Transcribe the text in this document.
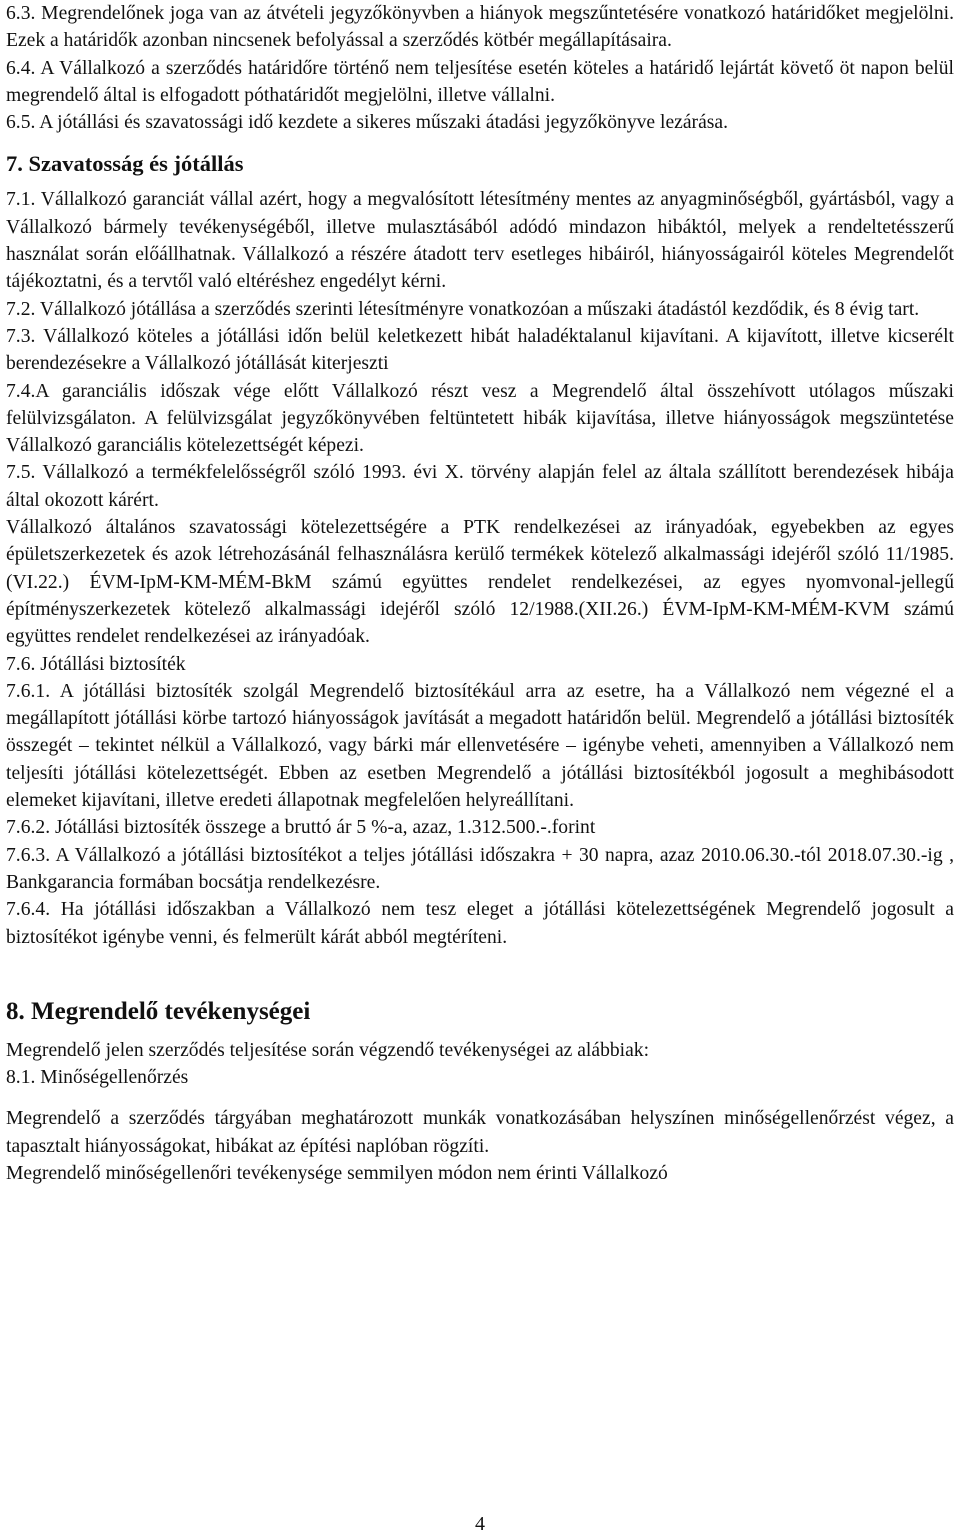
6.3. Megrendelőnek joga van az átvételi jegyzőkönyvben a hiányok megszűntetésére vonatkozó határidőket megjelölni. Ezek a határidők azonban nincsenek befolyással a szerződés kötbér megállapításaira.

6.4. A Vállalkozó a szerződés határidőre történő nem teljesítése esetén köteles a határidő lejártát követő öt napon belül megrendelő által is elfogadott póthatáridőt megjelölni, illetve vállalni.

6.5. A jótállási és szavatossági idő kezdete a sikeres műszaki átadási jegyzőkönyve lezárása.

7. Szavatosság és jótállás

7.1. Vállalkozó garanciát vállal azért, hogy a megvalósított létesítmény mentes az anyagminőségből, gyártásból, vagy a Vállalkozó bármely tevékenységéből, illetve mulasztásából adódó mindazon hibáktól, melyek a rendeltetésszerű használat során előállhatnak. Vállalkozó a részére átadott terv esetleges hibáiról, hiányosságairól köteles Megrendelőt tájékoztatni, és a tervtől való eltéréshez engedélyt kérni.

7.2. Vállalkozó jótállása a szerződés szerinti létesítményre vonatkozóan a műszaki átadástól kezdődik, és 8 évig tart.

7.3. Vállalkozó köteles a jótállási időn belül keletkezett hibát haladéktalanul kijavítani. A kijavított, illetve kicserélt berendezésekre a Vállalkozó jótállását kiterjeszti

7.4.A garanciális időszak vége előtt Vállalkozó részt vesz a Megrendelő által összehívott utólagos műszaki felülvizsgálaton. A felülvizsgálat jegyzőkönyvében feltüntetett hibák kijavítása, illetve hiányosságok megszüntetése Vállalkozó garanciális kötelezettségét képezi.

7.5. Vállalkozó a termékfelelősségről szóló 1993. évi X. törvény alapján felel az általa szállított berendezések hibája által okozott kárért.

Vállalkozó általános szavatossági kötelezettségére a PTK rendelkezései az irányadóak, egyebekben az egyes épületszerkezetek és azok létrehozásánál felhasználásra kerülő termékek kötelező alkalmassági idejéről szóló 11/1985. (VI.22.) ÉVM-IpM-KM-MÉM-BkM számú együttes rendelet rendelkezései, az egyes nyomvonal-jellegű építményszerkezetek kötelező alkalmassági idejéről szóló 12/1988.(XII.26.) ÉVM-IpM-KM-MÉM-KVM számú együttes rendelet rendelkezései az irányadóak.

7.6. Jótállási biztosíték

7.6.1. A jótállási biztosíték szolgál Megrendelő biztosítékául arra az esetre, ha a Vállalkozó nem végezné el a megállapított jótállási körbe tartozó hiányosságok javítását a megadott határidőn belül. Megrendelő a jótállási biztosíték összegét – tekintet nélkül a Vállalkozó, vagy bárki már ellenvetésére – igénybe veheti, amennyiben a Vállalkozó nem teljesíti jótállási kötelezettségét. Ebben az esetben Megrendelő a jótállási biztosítékból jogosult a meghibásodott elemeket kijavítani, illetve eredeti állapotnak megfelelően helyreállítani.

7.6.2. Jótállási biztosíték összege a bruttó ár 5 %-a, azaz, 1.312.500.-.forint

7.6.3. A Vállalkozó a jótállási biztosítékot a teljes jótállási időszakra + 30 napra, azaz 2010.06.30.-tól 2018.07.30.-ig , Bankgarancia formában bocsátja rendelkezésre.

7.6.4. Ha jótállási időszakban a Vállalkozó nem tesz eleget a jótállási kötelezettségének Megrendelő jogosult a biztosítékot igénybe venni, és felmerült kárát abból megtéríteni.

8. Megrendelő tevékenységei

Megrendelő jelen szerződés teljesítése során végzendő tevékenységei az alábbiak:

8.1. Minőségellenőrzés

Megrendelő a szerződés tárgyában meghatározott munkák vonatkozásában helyszínen minőségellenőrzést végez, a tapasztalt hiányosságokat, hibákat az építési naplóban rögzíti.

Megrendelő minőségellenőri tevékenysége semmilyen módon nem érinti Vállalkozó

4
